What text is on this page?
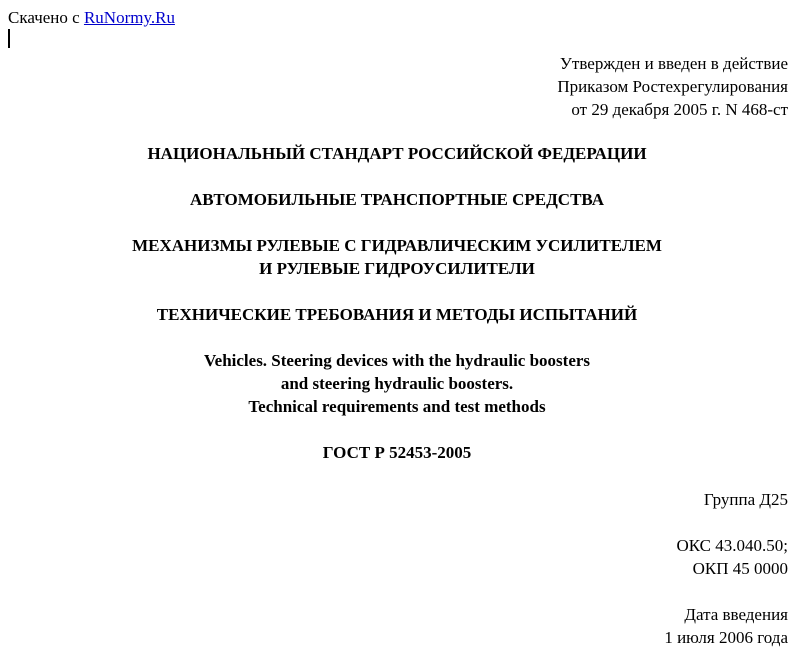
Скачено с RuNormy.Ru
Утвержден и введен в действие
Приказом Ростехрегулирования
от 29 декабря 2005 г. N 468-ст
НАЦИОНАЛЬНЫЙ СТАНДАРТ РОССИЙСКОЙ ФЕДЕРАЦИИ
АВТОМОБИЛЬНЫЕ ТРАНСПОРТНЫЕ СРЕДСТВА
МЕХАНИЗМЫ РУЛЕВЫЕ С ГИДРАВЛИЧЕСКИМ УСИЛИТЕЛЕМ
И РУЛЕВЫЕ ГИДРОУСИЛИТЕЛИ
ТЕХНИЧЕСКИЕ ТРЕБОВАНИЯ И МЕТОДЫ ИСПЫТАНИЙ
Vehicles. Steering devices with the hydraulic boosters
and steering hydraulic boosters.
Technical requirements and test methods
ГОСТ Р 52453-2005
Группа Д25
ОКС 43.040.50;
ОКП 45 0000
Дата введения
1 июля 2006 года
